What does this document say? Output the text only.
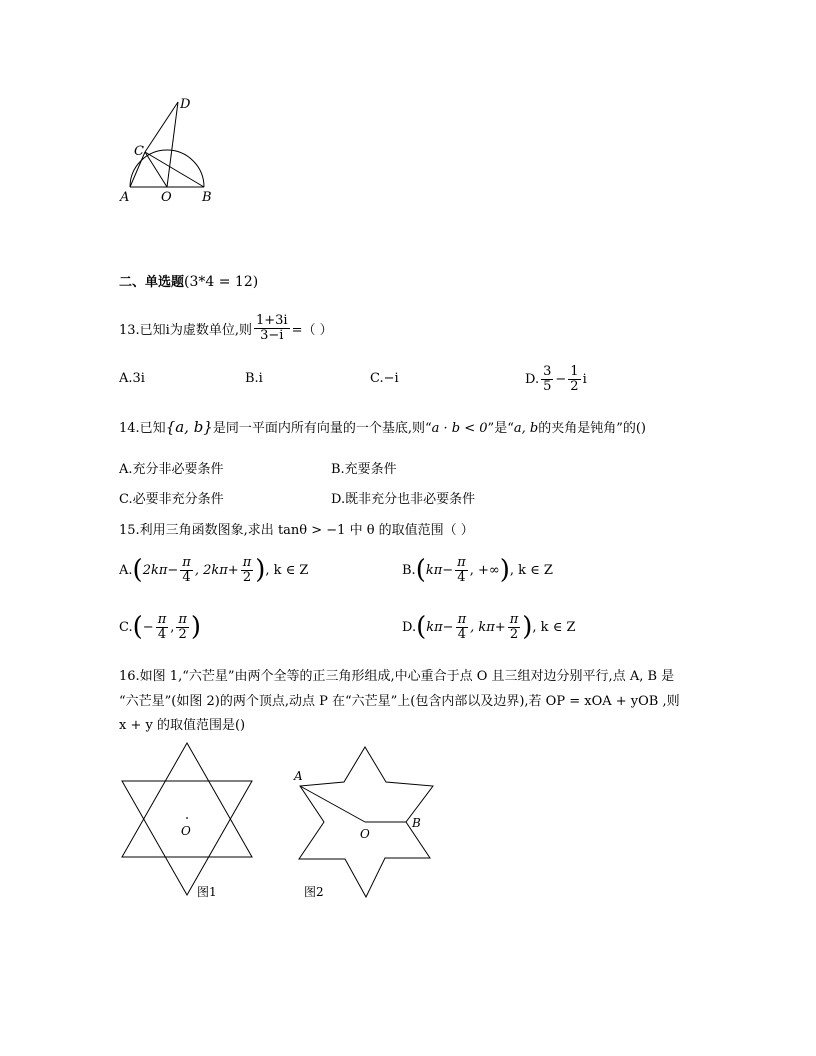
D
C
A O B
二、单选题(3*4 = 12)
13.已知i为虚数单位,则 $\frac{1+3i}{3-i}$ =（ ）
A.3i	B.i	C.−i	D. $\frac{3}{5} - \frac{1}{2}$ i
14.已知{a, b}是同一平面内所有向量的一个基底,则“a · b < 0”是“a, b的夹角是钝角”的()
A.充分非必要条件	B.充要条件
C.必要非充分条件	D.既非充分也非必要条件
15.利用三角函数图象,求出 tanθ > −1 中 θ 的取值范围（ ）
A. ( $2k\pi- \frac{\pi}{4}$ , $2k\pi+ \frac{\pi}{2}$ ) , k ∈ Z	B. ( $k\pi- \frac{\pi}{4}$ , +∞ ) , k ∈ Z
C. ( − $\frac{\pi}{4}$ , $\frac{\pi}{2}$ )	D. ( $k\pi- \frac{\pi}{4}$ , $k\pi+ \frac{\pi}{2}$ ) , k ∈ Z
16.如图 1,“六芒星”由两个全等的正三角形组成,中心重合于点 O 且三组对边分别平行,点 A, B 是
“六芒星”(如图 2)的两个顶点,动点 P 在“六芒星”上(包含内部以及边界),若 OP = xOA + yOB ,则
x + y 的取值范围是()
O
图1
A
O
B
图2
